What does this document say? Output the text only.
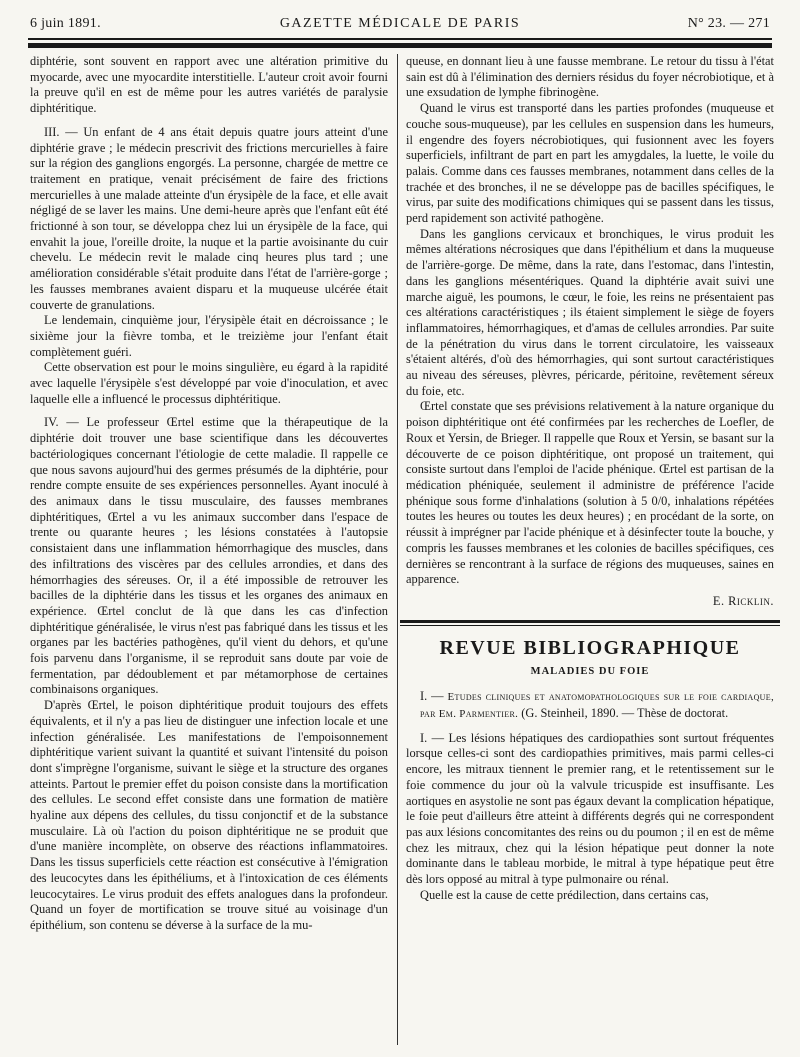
6 juin 1891.	GAZETTE MÉDICALE DE PARIS	N° 23. — 271

diphtérie, sont souvent en rapport avec une altération primitive du myocarde, avec une myocardite interstitielle. L'auteur croit avoir fourni la preuve qu'il en est de même pour les autres variétés de paralysie diphtéritique.

III. — Un enfant de 4 ans était depuis quatre jours atteint d'une diphtérie grave ; le médecin prescrivit des frictions mercurielles à faire sur la région des ganglions engorgés. La personne, chargée de mettre ce traitement en pratique, venait précisément de faire des frictions mercurielles à une malade atteinte d'un érysipèle de la face, et elle avait négligé de se laver les mains. Une demi-heure après que l'enfant eût été frictionné à son tour, se développa chez lui un érysipèle de la face, qui envahit la joue, l'oreille droite, la nuque et la partie avoisinante du cuir chevelu. Le médecin revit le malade cinq heures plus tard ; une amélioration considérable s'était produite dans l'état de l'arrière-gorge ; les fausses membranes avaient disparu et la muqueuse ulcérée était couverte de granulations.

Le lendemain, cinquième jour, l'érysipèle était en décroissance ; le sixième jour la fièvre tomba, et le treizième jour l'enfant était complètement guéri.

Cette observation est pour le moins singulière, eu égard à la rapidité avec laquelle l'érysipèle s'est développé par voie d'inoculation, et avec laquelle elle a influencé le processus diphtéritique.

IV. — Le professeur Œrtel estime que la thérapeutique de la diphtérie doit trouver une base scientifique dans les découvertes bactériologiques concernant l'étiologie de cette maladie. Il rappelle ce que nous savons aujourd'hui des germes présumés de la diphtérie, pour rendre compte ensuite de ses expériences personnelles. Ayant inoculé à des animaux dans le tissu musculaire, des fausses membranes diphtéritiques, Œrtel a vu les animaux succomber dans l'espace de trente ou quarante heures ; les lésions constatées à l'autopsie consistaient dans une inflammation hémorrhagique des muscles, dans des infiltrations des viscères par des cellules arrondies, et dans des hémorrhagies des séreuses. Or, il a été impossible de retrouver les bacilles de la diphtérie dans les tissus et les organes des animaux en expérience. Œrtel conclut de là que dans les cas d'infection diphtéritique généralisée, le virus n'est pas fabriqué dans les tissus et les organes par les bactéries pathogènes, qu'il vient du dehors, et qu'une fois parvenu dans l'organisme, il se reproduit sans doute par voie de fermentation, par dédoublement et par métamorphose de certaines combinaisons organiques.

D'après Œrtel, le poison diphtéritique produit toujours des effets équivalents, et il n'y a pas lieu de distinguer une infection locale et une infection généralisée. Les manifestations de l'empoisonnement diphtéritique varient suivant la quantité et suivant l'intensité du poison dont s'imprègne l'organisme, suivant le siège et la structure des organes atteints. Partout le premier effet du poison consiste dans la mortification des cellules. Le second effet consiste dans une formation de matière hyaline aux dépens des cellules, du tissu conjonctif et de la substance musculaire. Là où l'action du poison diphtéritique ne se produit que d'une manière incomplète, on observe des réactions inflammatoires. Dans les tissus superficiels cette réaction est consécutive à l'émigration des leucocytes dans les épithéliums, et à l'intoxication de ces éléments leucocytaires. Le virus produit des effets analogues dans la profondeur. Quand un foyer de mortification se trouve situé au voisinage d'un épithélium, son contenu se déverse à la surface de la mu-

queuse, en donnant lieu à une fausse membrane. Le retour du tissu à l'état sain est dû à l'élimination des derniers résidus du foyer nécrobiotique, et à une exsudation de lymphe fibrinogène.

Quand le virus est transporté dans les parties profondes (muqueuse et couche sous-muqueuse), par les cellules en suspension dans les humeurs, il engendre des foyers nécrobiotiques, qui fusionnent avec les foyers superficiels, infiltrant de part en part les amygdales, la luette, le voile du palais. Comme dans ces fausses membranes, notamment dans celles de la trachée et des bronches, il ne se développe pas de bacilles spécifiques, le virus, par suite des modifications chimiques qui se passent dans les tissus, perd rapidement son activité pathogène.

Dans les ganglions cervicaux et bronchiques, le virus produit les mêmes altérations nécrosiques que dans l'épithélium et dans la muqueuse de l'arrière-gorge. De même, dans la rate, dans l'estomac, dans l'intestin, dans les ganglions mésentériques. Quand la diphtérie avait suivi une marche aiguë, les poumons, le cœur, le foie, les reins ne présentaient pas ces altérations caractéristiques ; ils étaient simplement le siège de foyers inflammatoires, hémorrhagiques, et d'amas de cellules arrondies. Par suite de la pénétration du virus dans le torrent circulatoire, les vaisseaux s'étaient altérés, d'où des hémorrhagies, qui sont surtout caractéristiques au niveau des séreuses, plèvres, péricarde, péritoine, revêtement séreux du foie, etc.

Œrtel constate que ses prévisions relativement à la nature organique du poison diphtéritique ont été confirmées par les recherches de Loefler, de Roux et Yersin, de Brieger. Il rappelle que Roux et Yersin, se basant sur la découverte de ce poison diphtéritique, ont proposé un traitement, qui consiste surtout dans l'emploi de l'acide phénique. Œrtel est partisan de la médication phéniquée, seulement il administre de préférence l'acide phénique sous forme d'inhalations (solution à 5 0/0, inhalations répétées toutes les heures ou toutes les deux heures) ; en procédant de la sorte, on réussit à imprégner par l'acide phénique et à désinfecter toute la bouche, y compris les fausses membranes et les colonies de bacilles spécifiques, ces dernières se rencontrant à la surface de régions des muqueuses, saines en apparence.

E. Ricklin.
REVUE BIBLIOGRAPHIQUE
MALADIES DU FOIE

I. — Etudes cliniques et anatomopathologiques sur le foie cardiaque, par Em. Parmentier. (G. Steinheil, 1890. — Thèse de doctorat.

I. — Les lésions hépatiques des cardiopathies sont surtout fréquentes lorsque celles-ci sont des cardiopathies primitives, mais parmi celles-ci encore, les mitraux tiennent le premier rang, et le retentissement sur le foie commence du jour où la valvule tricuspide est insuffisante. Les aortiques en asystolie ne sont pas égaux devant la complication hépatique, le foie peut d'ailleurs être atteint à différents degrés qui ne correspondent pas aux lésions concomitantes des reins ou du poumon ; il en est de même chez les mitraux, chez qui la lésion hépatique peut donner la note dominante dans le tableau morbide, le mitral à type hépatique peut être dès lors opposé au mitral à type pulmonaire ou rénal.

Quelle est la cause de cette prédilection, dans certains cas,
